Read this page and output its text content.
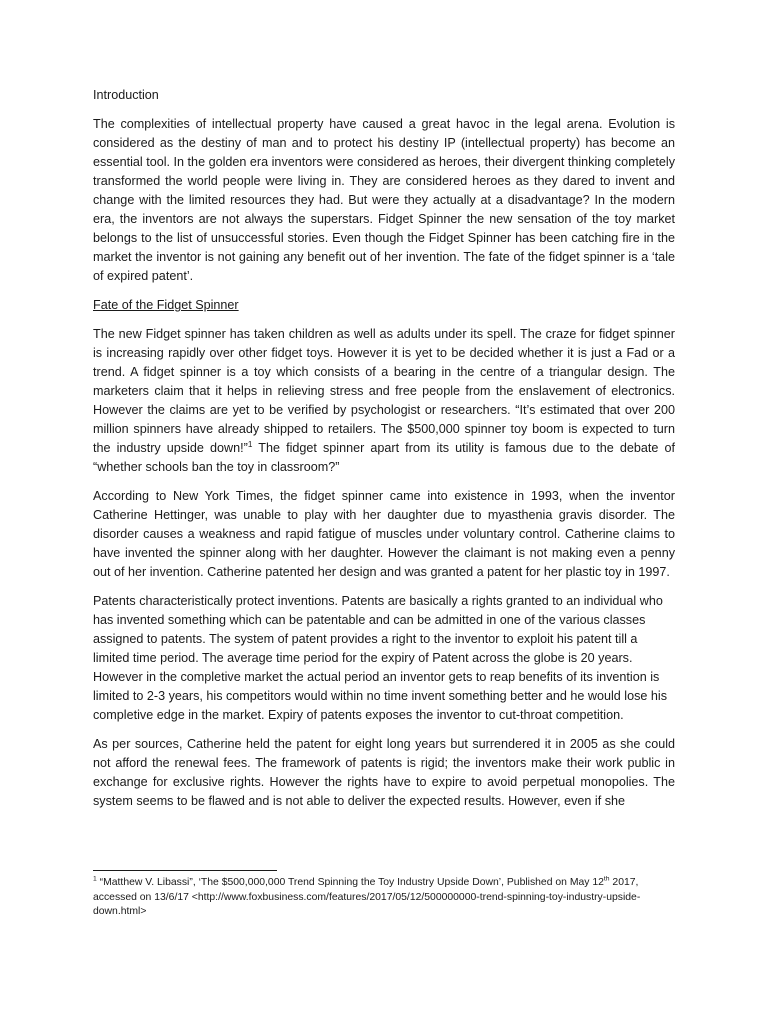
Introduction

The complexities of intellectual property have caused a great havoc in the legal arena. Evolution is considered as the destiny of man and to protect his destiny IP (intellectual property) has become an essential tool. In the golden era inventors were considered as heroes, their divergent thinking completely transformed the world people were living in. They are considered heroes as they dared to invent and change with the limited resources they had. But were they actually at a disadvantage? In the modern era, the inventors are not always the superstars. Fidget Spinner the new sensation of the toy market belongs to the list of unsuccessful stories. Even though the Fidget Spinner has been catching fire in the market the inventor is not gaining any benefit out of her invention. The fate of the fidget spinner is a ‘tale of expired patent’.

Fate of the Fidget Spinner

The new Fidget spinner has taken children as well as adults under its spell. The craze for fidget spinner is increasing rapidly over other fidget toys. However it is yet to be decided whether it is just a Fad or a trend. A fidget spinner is a toy which consists of a bearing in the centre of a triangular design. The marketers claim that it helps in relieving stress and free people from the enslavement of electronics. However the claims are yet to be verified by psychologist or researchers. “It’s estimated that over 200 million spinners have already shipped to retailers. The $500,000 spinner toy boom is expected to turn the industry upside down!”$^1$ The fidget spinner apart from its utility is famous due to the debate of “whether schools ban the toy in classroom?”

According to New York Times, the fidget spinner came into existence in 1993, when the inventor Catherine Hettinger, was unable to play with her daughter due to myasthenia gravis disorder. The disorder causes a weakness and rapid fatigue of muscles under voluntary control. Catherine claims to have invented the spinner along with her daughter. However the claimant is not making even a penny out of her invention. Catherine patented her design and was granted a patent for her plastic toy in 1997.

Patents characteristically protect inventions. Patents are basically a rights granted to an individual who has invented something which can be patentable and can be admitted in one of the various classes assigned to patents. The system of patent provides a right to the inventor to exploit his patent till a limited time period. The average time period for the expiry of Patent across the globe is 20 years. However in the completive market the actual period an inventor gets to reap benefits of its invention is limited to 2-3 years, his competitors would within no time invent something better and he would lose his completive edge in the market. Expiry of patents exposes the inventor to cut-throat competition.

As per sources, Catherine held the patent for eight long years but surrendered it in 2005 as she could not afford the renewal fees. The framework of patents is rigid; the inventors make their work public in exchange for exclusive rights. However the rights have to expire to avoid perpetual monopolies. The system seems to be flawed and is not able to deliver the expected results. However, even if she

$^1$ “Matthew V. Libassi”, ‘The $500,000,000 Trend Spinning the Toy Industry Upside Down’, Published on May 12th 2017, accessed on 13/6/17 <http://www.foxbusiness.com/features/2017/05/12/500000000-trend-spinning-toy-industry-upside-down.html>
